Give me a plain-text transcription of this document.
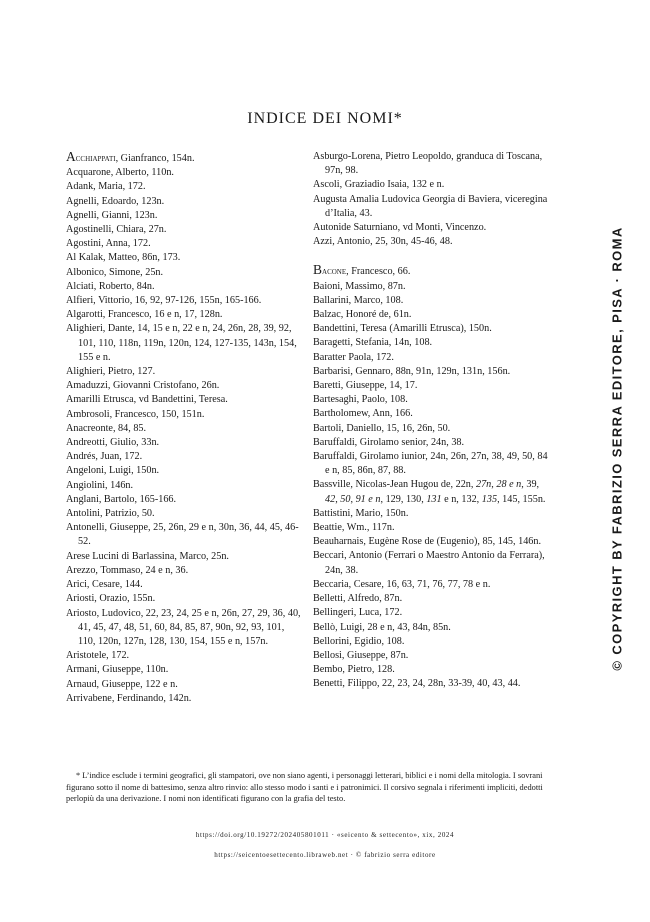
INDICE DEI NOMI*
Acchiappati, Gianfranco, 154n.
Acquarone, Alberto, 110n.
Adank, Maria, 172.
Agnelli, Edoardo, 123n.
Agnelli, Gianni, 123n.
Agostinelli, Chiara, 27n.
Agostini, Anna, 172.
Al Kalak, Matteo, 86n, 173.
Albonico, Simone, 25n.
Alciati, Roberto, 84n.
Alfieri, Vittorio, 16, 92, 97-126, 155n, 165-166.
Algarotti, Francesco, 16 e n, 17, 128n.
Alighieri, Dante, 14, 15 e n, 22 e n, 24, 26n, 28, 39, 92, 101, 110, 118n, 119n, 120n, 124, 127-135, 143n, 154, 155 e n.
Alighieri, Pietro, 127.
Amaduzzi, Giovanni Cristofano, 26n.
Amarilli Etrusca, vd Bandettini, Teresa.
Ambrosoli, Francesco, 150, 151n.
Anacreonte, 84, 85.
Andreotti, Giulio, 33n.
Andrés, Juan, 172.
Angeloni, Luigi, 150n.
Angiolini, 146n.
Anglani, Bartolo, 165-166.
Antolini, Patrizio, 50.
Antonelli, Giuseppe, 25, 26n, 29 e n, 30n, 36, 44, 45, 46-52.
Arese Lucini di Barlassina, Marco, 25n.
Arezzo, Tommaso, 24 e n, 36.
Arici, Cesare, 144.
Ariosti, Orazio, 155n.
Ariosto, Ludovico, 22, 23, 24, 25 e n, 26n, 27, 29, 36, 40, 41, 45, 47, 48, 51, 60, 84, 85, 87, 90n, 92, 93, 101, 110, 120n, 127n, 128, 130, 154, 155 e n, 157n.
Aristotele, 172.
Armani, Giuseppe, 110n.
Arnaud, Giuseppe, 122 e n.
Arrivabene, Ferdinando, 142n.
Asburgo-Lorena, Pietro Leopoldo, granduca di Toscana, 97n, 98.
Ascoli, Graziadio Isaia, 132 e n.
Augusta Amalia Ludovica Georgia di Baviera, viceregina d’Italia, 43.
Autonide Saturniano, vd Monti, Vincenzo.
Azzi, Antonio, 25, 30n, 45-46, 48.
Bacone, Francesco, 66.
Baioni, Massimo, 87n.
Ballarini, Marco, 108.
Balzac, Honoré de, 61n.
Bandettini, Teresa (Amarilli Etrusca), 150n.
Baragetti, Stefania, 14n, 108.
Baratter Paola, 172.
Barbarisi, Gennaro, 88n, 91n, 129n, 131n, 156n.
Baretti, Giuseppe, 14, 17.
Bartesaghi, Paolo, 108.
Bartholomew, Ann, 166.
Bartoli, Daniello, 15, 16, 26n, 50.
Baruffaldi, Girolamo senior, 24n, 38.
Baruffaldi, Girolamo iunior, 24n, 26n, 27n, 38, 49, 50, 84 e n, 85, 86n, 87, 88.
Bassville, Nicolas-Jean Hugou de, 22n, 27n, 28 e n, 39, 42, 50, 91 e n, 129, 130, 131 e n, 132, 135, 145, 155n.
Battistini, Mario, 150n.
Beattie, Wm., 117n.
Beauharnais, Eugène Rose de (Eugenio), 85, 145, 146n.
Beccari, Antonio (Ferrari o Maestro Antonio da Ferrara), 24n, 38.
Beccaria, Cesare, 16, 63, 71, 76, 77, 78 e n.
Belletti, Alfredo, 87n.
Bellingeri, Luca, 172.
Bellò, Luigi, 28 e n, 43, 84n, 85n.
Bellorini, Egidio, 108.
Bellosi, Giuseppe, 87n.
Bembo, Pietro, 128.
Benetti, Filippo, 22, 23, 24, 28n, 33-39, 40, 43, 44.
* L’indice esclude i termini geografici, gli stampatori, ove non siano agenti, i personaggi letterari, biblici e i nomi della mitologia. I sovrani figurano sotto il nome di battesimo, senza altro rinvio: allo stesso modo i santi e i patronimici. Il corsivo segnala i riferimenti impliciti, dedotti perlopiù da una derivazione. I nomi non identificati figurano con la grafia del testo.
https://doi.org/10.19272/202405801011 · «seicento & settecento», xix, 2024
https://seicentoesettecento.libraweb.net · © fabrizio serra editore
© COPYRIGHT BY FABRIZIO SERRA EDITORE, PISA · ROMA
